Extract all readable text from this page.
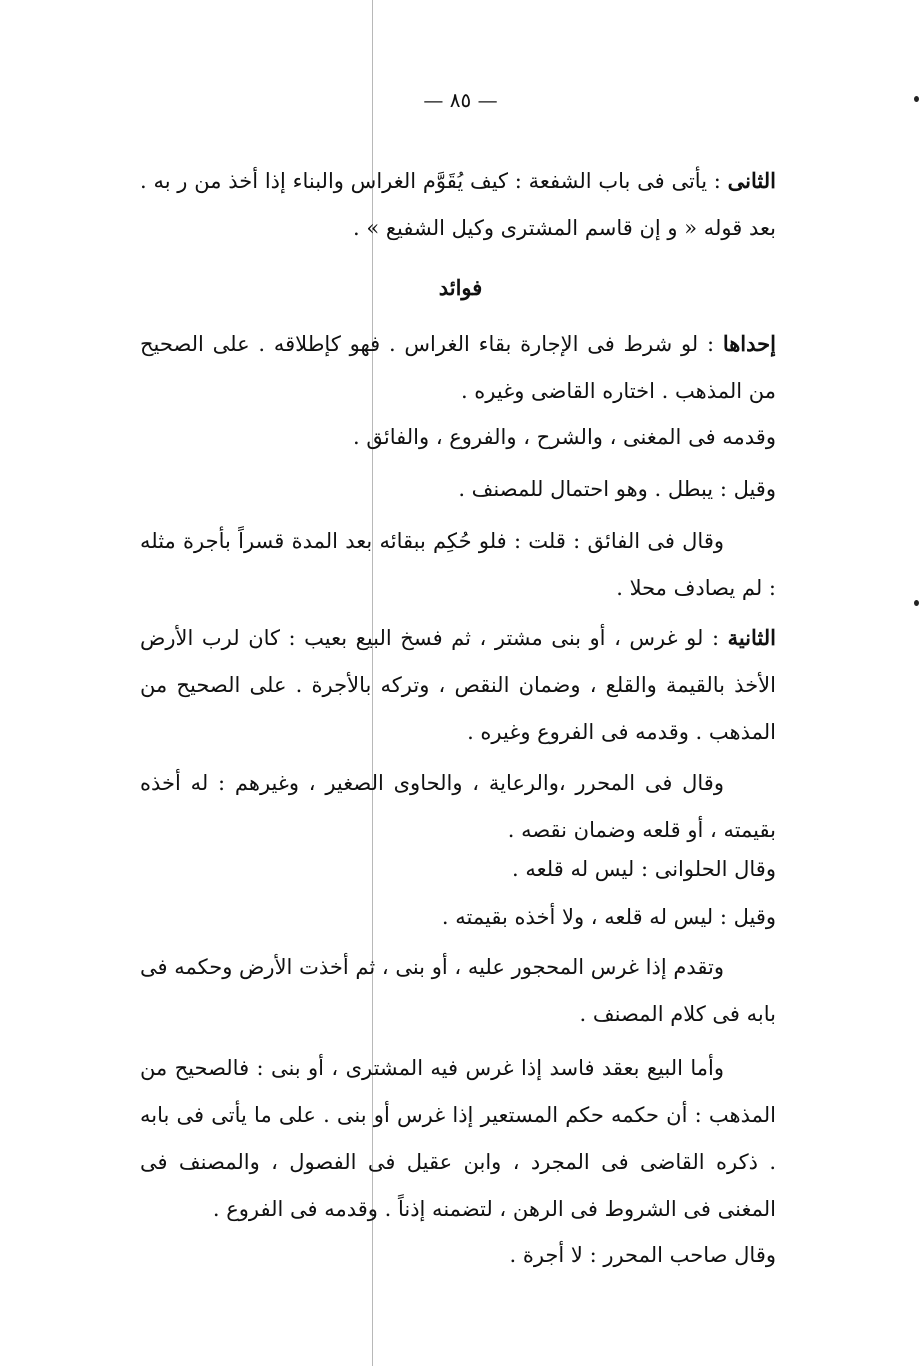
— ٨٥ —
الثانى : يأتى فى باب الشفعة : كيف يُقَوَّم الغراس والبناء إذا أخذ من ر به . بعد قوله « و إن قاسم المشترى وكيل الشفيع » .
فوائد
إحداها : لو شرط فى الإجارة بقاء الغراس . فهو كإطلاقه . على الصحيح من المذهب . اختاره القاضى وغيره .
وقدمه فى المغنى ، والشرح ، والفروع ، والفائق .
وقيل : يبطل . وهو احتمال للمصنف .
وقال فى الفائق : قلت : فلو حُكِم ببقائه بعد المدة قسراً بأجرة مثله : لم يصادف محلا .
الثانية : لو غرس ، أو بنى مشتر ، ثم فسخ البيع بعيب : كان لرب الأرض الأخذ بالقيمة والقلع ، وضمان النقص ، وتركه بالأجرة . على الصحيح من المذهب . وقدمه فى الفروع وغيره .
وقال فى المحرر ،والرعاية ، والحاوى الصغير ، وغيرهم : له أخذه بقيمته ، أو قلعه وضمان نقصه .
وقال الحلوانى : ليس له قلعه .
وقيل : ليس له قلعه ، ولا أخذه بقيمته .
وتقدم إذا غرس المحجور عليه ، أو بنى ، ثم أخذت الأرض وحكمه فى بابه فى كلام المصنف .
وأما البيع بعقد فاسد إذا غرس فيه المشترى ، أو بنى : فالصحيح من المذهب : أن حكمه حكم المستعير إذا غرس أو بنى . على ما يأتى فى بابه . ذكره القاضى فى المجرد ، وابن عقيل فى الفصول ، والمصنف فى المغنى فى الشروط فى الرهن ، لتضمنه إذناً . وقدمه فى الفروع .
وقال صاحب المحرر : لا أجرة .
